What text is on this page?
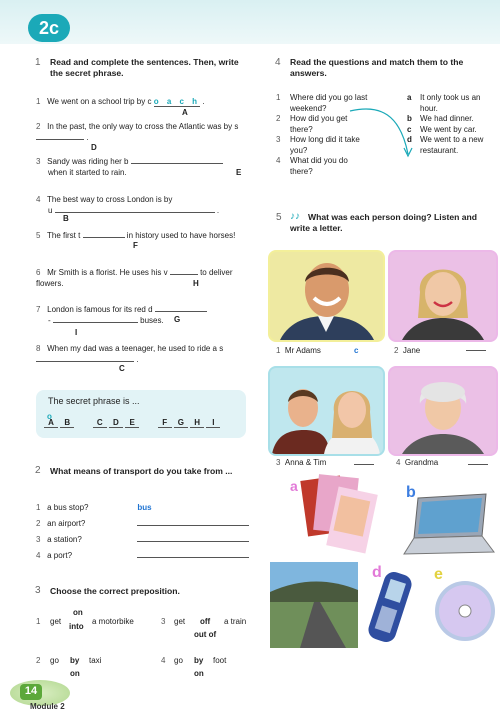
2c
1 Read and complete the sentences. Then, write the secret phrase.
1 We went on a school trip by c o a c h .
A
2 In the past, the only way to cross the Atlantic was by s  .
D
3 Sandy was riding her b
when it started to rain.	E
4 The best way to cross London is by
u	.
B
5 The first t	in history used to have horses!
F
6 Mr Smith is a florist. He uses his v	to deliver flowers.	H
7 London is famous for its red d
-	buses.	G
I
8 When my dad was a teenager, he used to ride a s  .
C
The secret phrase is ...
o
A B	C D E	F G H I
2 What means of transport do you take from ...
1 a bus stop?	bus
2 an airport?
3 a station?
4 a port?
3 Choose the correct preposition.
1 get
on
into
a motorbike	3 get off
out of
a train
2 go by
on
taxi	4 go by
on
foot
14
Module 2
4 Read the questions and match them to the answers.
1	Where did you go last weekend?
2	How did you get there?
3	How long did it take you?
4	What did you do there?
a	It only took us an hour.
b	We had dinner.
c	We went by car.
d	We went to a new restaurant.
5 ♪♪ What was each person doing? Listen and write a letter.
1 Mr Adams	c	2 Jane
3 Anna & Tim	4 Grandma
a	b
d	e
